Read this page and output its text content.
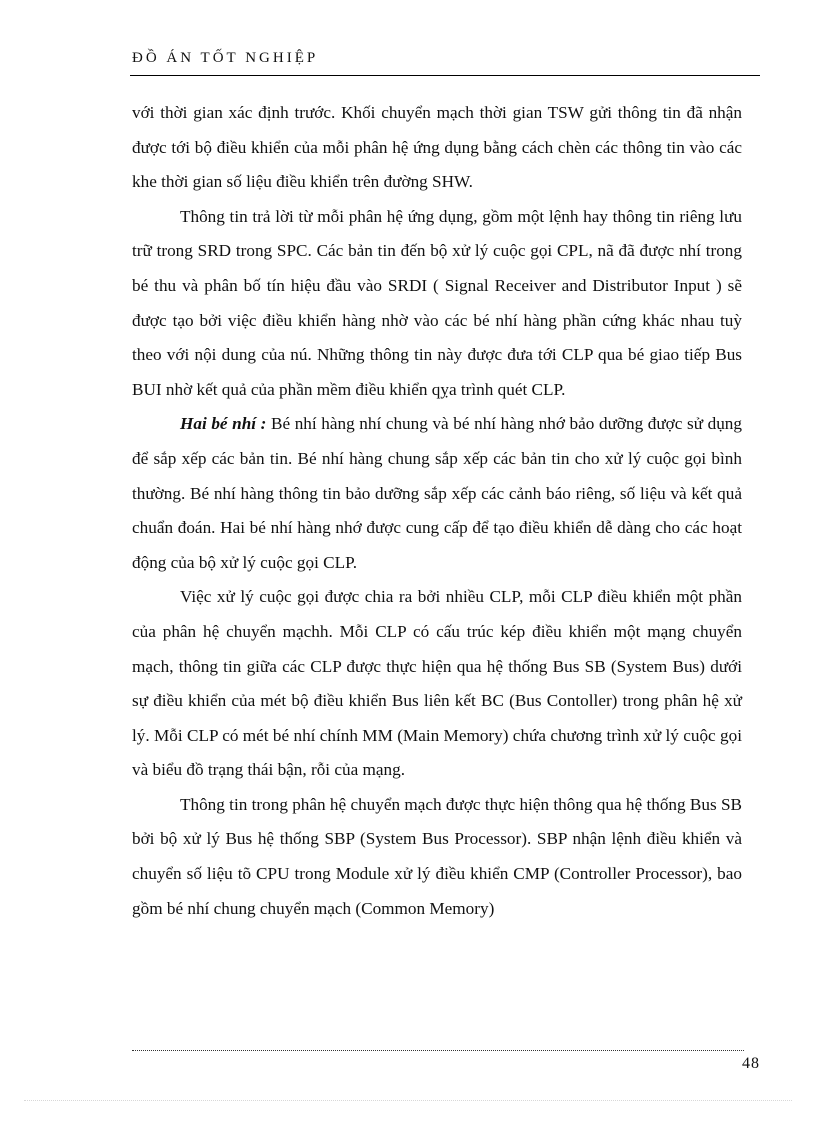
ĐỒ ÁN TỐT NGHIỆP

với thời gian xác định trước. Khối chuyển mạch thời gian TSW gửi thông tin đã nhận được tới bộ điều khiển của mỗi phân hệ ứng dụng bằng cách chèn các thông tin vào các khe thời gian số liệu điều khiển trên đường SHW.

Thông tin trả lời từ mỗi phân hệ ứng dụng, gồm một lệnh hay thông tin riêng lưu trữ trong SRD trong SPC. Các bản tin đến bộ xử lý cuộc gọi CPL, nã đã được nhí trong bé thu và phân bố tín hiệu đầu vào SRDI ( Signal Receiver and Distributor Input ) sẽ được tạo bởi việc điều khiển hàng nhờ vào các bé nhí hàng phần cứng khác nhau tuỳ theo với nội dung của nú. Những thông tin này được đưa tới CLP qua bé giao tiếp Bus BUI nhờ kết quả của phần mềm điều khiển qỵa trình quét CLP.

Hai bé nhí : Bé nhí hàng nhí chung và bé nhí hàng nhớ bảo dưỡng được sử dụng để sắp xếp các bản tin. Bé nhí hàng chung sắp xếp các bản tin cho xử lý cuộc gọi bình thường. Bé nhí hàng thông tin bảo dưỡng sắp xếp các cảnh báo riêng, số liệu và kết quả chuẩn đoán. Hai bé nhí hàng nhớ được cung cấp để tạo điều khiển dễ dàng cho các hoạt động của bộ xử lý cuộc gọi CLP.

Việc xử lý cuộc gọi được chia ra bởi nhiều CLP, mỗi CLP điều khiển một phần của phân hệ chuyển mạchh. Mỗi CLP có cấu trúc kép điều khiển một mạng chuyển mạch, thông tin giữa các CLP được thực hiện qua hệ thống Bus SB (System Bus) dưới sự điều khiển của mét bộ điều khiển Bus liên kết BC (Bus Contoller) trong phân hệ xử lý. Mỗi CLP có mét bé nhí chính MM (Main Memory) chứa chương trình xử lý cuộc gọi và biểu đồ trạng thái bận, rỗi của mạng.

Thông tin trong phân hệ chuyển mạch được thực hiện thông qua hệ thống Bus SB bởi bộ xử lý Bus hệ thống SBP (System Bus Processor). SBP nhận lệnh điều khiển và chuyển số liệu tõ CPU trong Module xử lý điều khiển CMP (Controller Processor), bao gồm bé nhí chung chuyển mạch (Common Memory)

48
